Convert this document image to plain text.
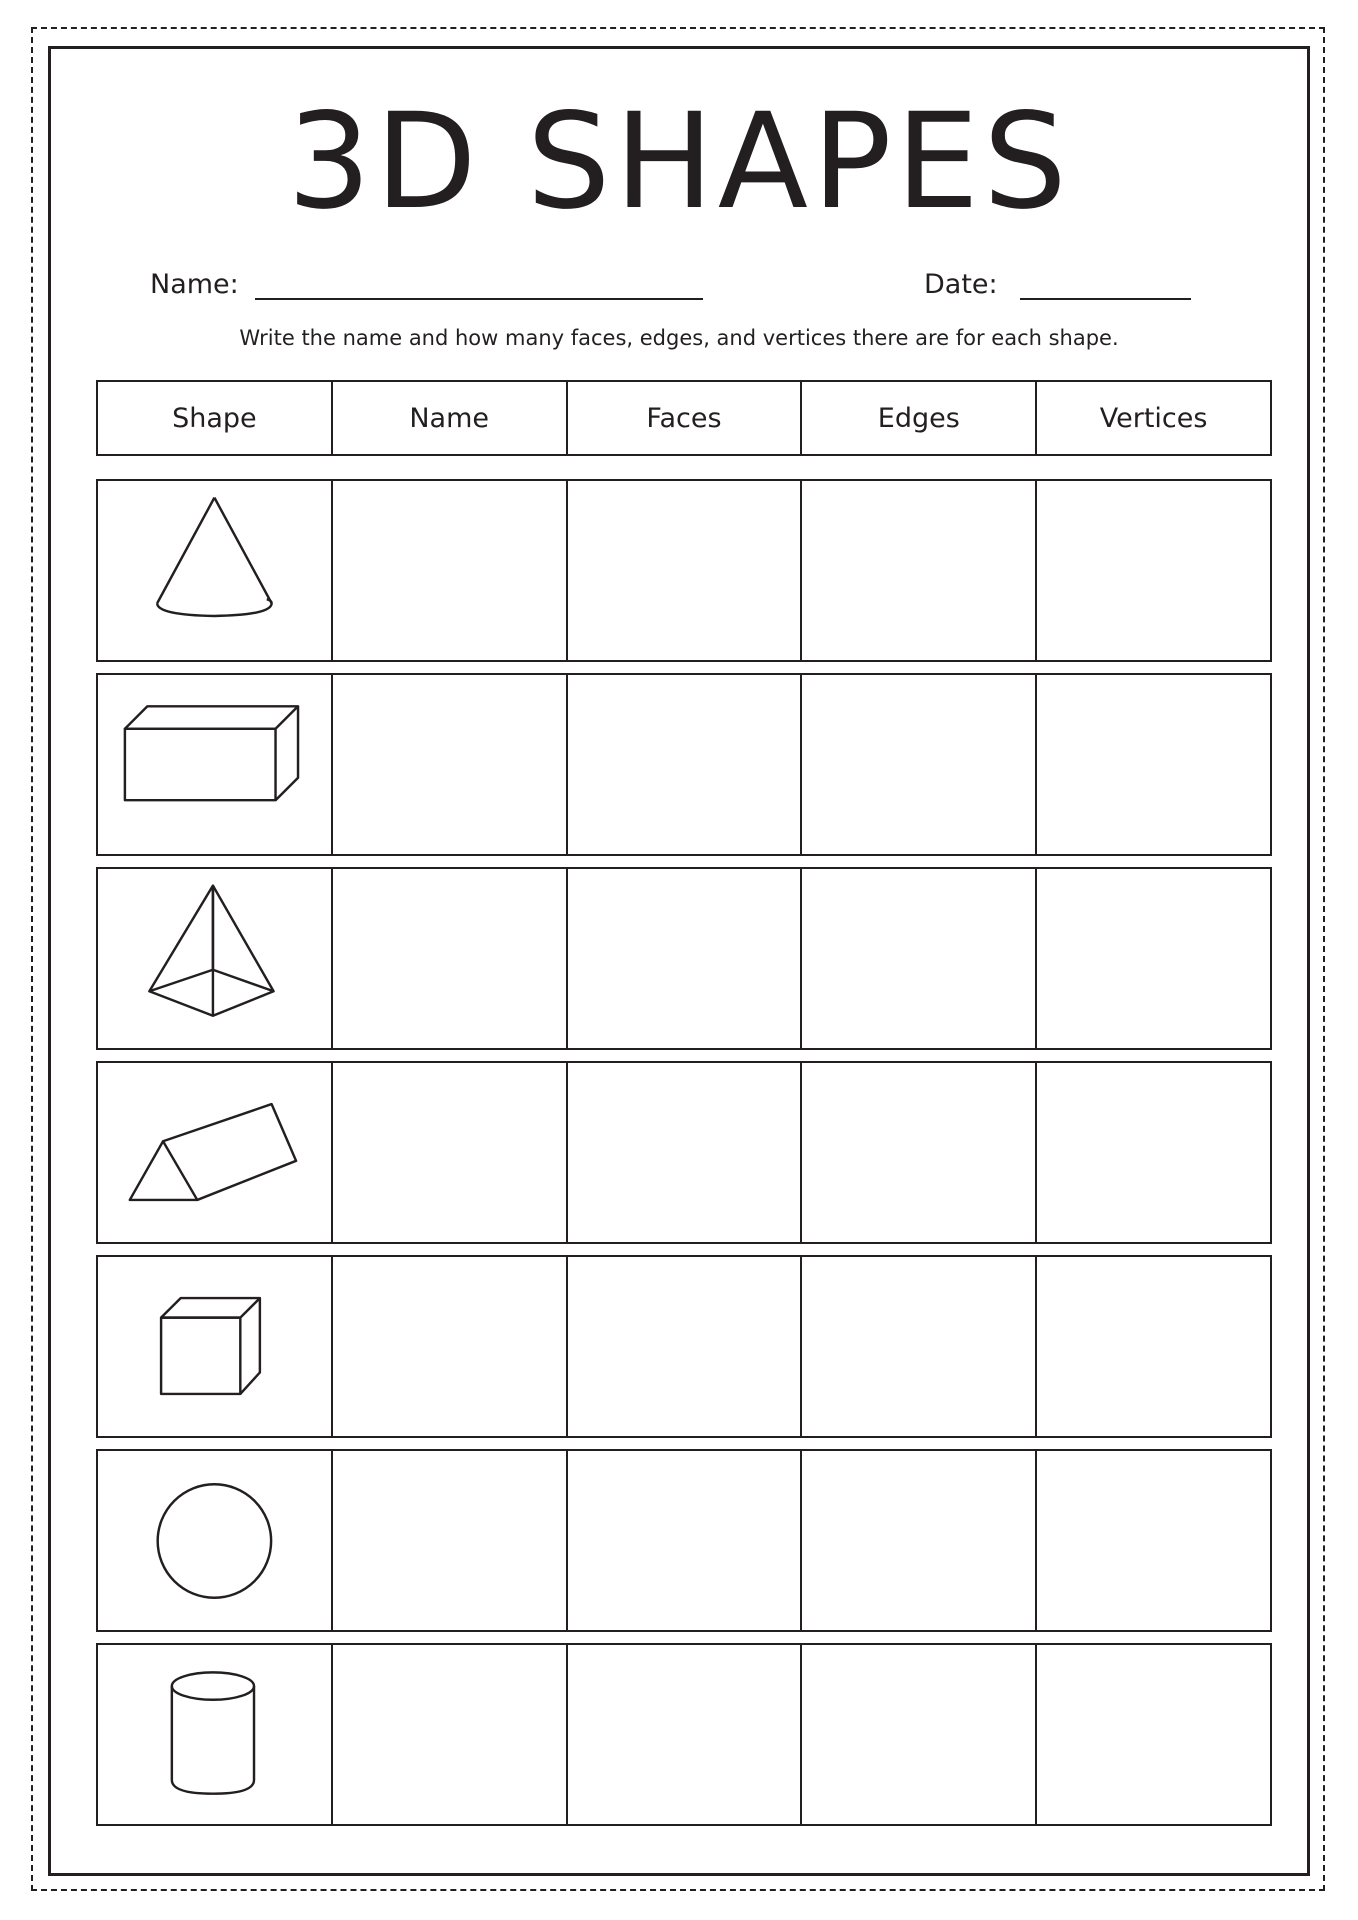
3D SHAPES
Name:	Date:
Write the name and how many faces, edges, and vertices there are for each shape.
Shape	Name	Faces	Edges	Vertices
